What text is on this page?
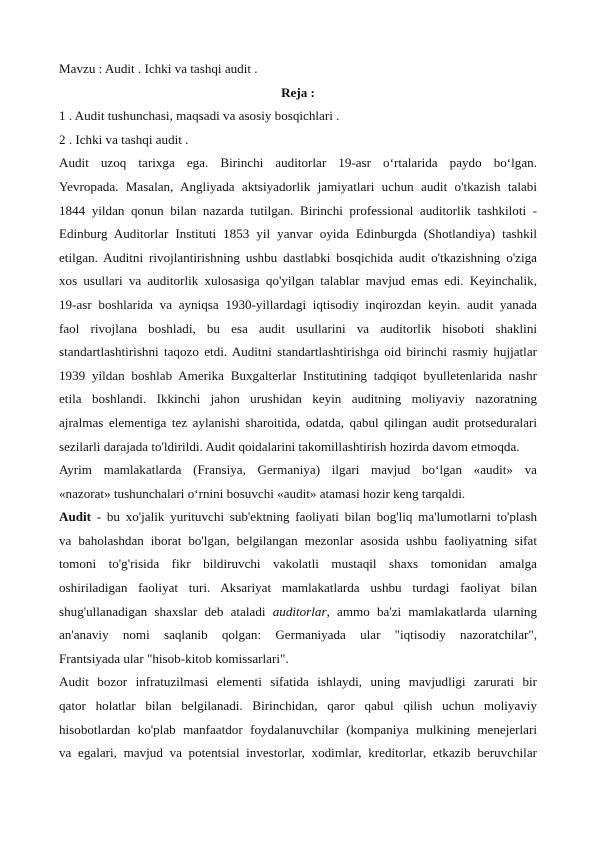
Mavzu : Audit . Ichki va tashqi audit .
Reja :
1 . Audit tushunchasi, maqsadi va asosiy bosqichlari .
2 . Ichki va tashqi audit .
Audit uzoq tarixga ega. Birinchi auditorlar 19-asr o‘rtalarida paydo bo‘lgan.
Yevropada. Masalan, Angliyada aktsiyadorlik jamiyatlari uchun audit o'tkazish talabi
1844 yildan qonun bilan nazarda tutilgan. Birinchi professional auditorlik tashkiloti -
Edinburg Auditorlar Instituti 1853 yil yanvar oyida Edinburgda (Shotlandiya) tashkil
etilgan. Auditni rivojlantirishning ushbu dastlabki bosqichida audit o'tkazishning o'ziga
xos usullari va auditorlik xulosasiga qo'yilgan talablar mavjud emas edi. Keyinchalik,
19-asr boshlarida va ayniqsa 1930-yillardagi iqtisodiy inqirozdan keyin. audit yanada
faol rivojlana boshladi, bu esa audit usullarini va auditorlik hisoboti shaklini
standartlashtirishni taqozo etdi. Auditni standartlashtirishga oid birinchi rasmiy hujjatlar
1939 yildan boshlab Amerika Buxgalterlar Institutining tadqiqot byulletenlarida nashr
etila boshlandi. Ikkinchi jahon urushidan keyin auditning moliyaviy nazoratning
ajralmas elementiga tez aylanishi sharoitida, odatda, qabul qilingan audit protseduralari
sezilarli darajada to'ldirildi. Audit qoidalarini takomillashtirish hozirda davom etmoqda.
Ayrim mamlakatlarda (Fransiya, Germaniya) ilgari mavjud bo‘lgan «audit» va
«nazorat» tushunchalari o‘rnini bosuvchi «audit» atamasi hozir keng tarqaldi.
Audit - bu xo'jalik yurituvchi sub'ektning faoliyati bilan bog'liq ma'lumotlarni to'plash
va baholashdan iborat bo'lgan, belgilangan mezonlar asosida ushbu faoliyatning sifat
tomoni to'g'risida fikr bildiruvchi vakolatli mustaqil shaxs tomonidan amalga
oshiriladigan faoliyat turi. Aksariyat mamlakatlarda ushbu turdagi faoliyat bilan
shug'ullanadigan shaxslar deb ataladi auditorlar, ammo ba'zi mamlakatlarda ularning
an'anaviy nomi saqlanib qolgan: Germaniyada ular "iqtisodiy nazoratchilar",
Frantsiyada ular "hisob-kitob komissarlari".
Audit bozor infratuzilmasi elementi sifatida ishlaydi, uning mavjudligi zarurati bir
qator holatlar bilan belgilanadi. Birinchidan, qaror qabul qilish uchun moliyaviy
hisobotlardan ko'plab manfaatdor foydalanuvchilar (kompaniya mulkining menejerlari
va egalari, mavjud va potentsial investorlar, xodimlar, kreditorlar, etkazib beruvchilar
